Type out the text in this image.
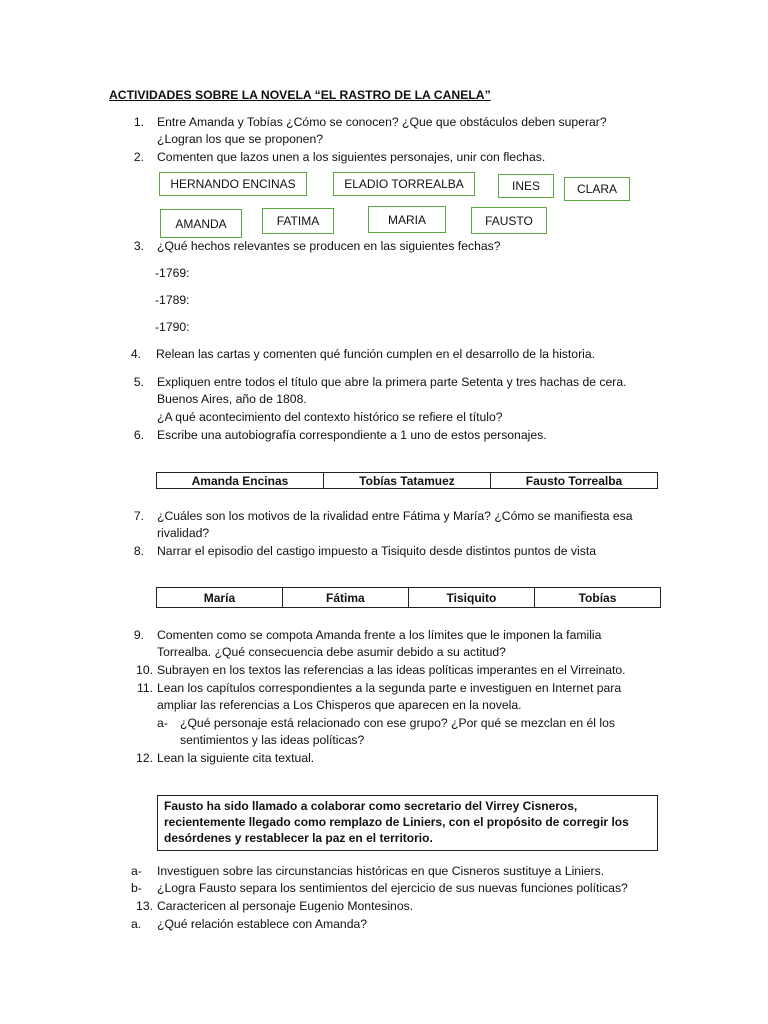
ACTIVIDADES SOBRE LA NOVELA “EL RASTRO DE LA CANELA”
1. Entre Amanda y Tobías ¿Cómo se conocen? ¿Que que obstáculos deben superar?
¿Logran los que se proponen?
2. Comenten que lazos unen a los siguientes personajes, unir con flechas.
HERNANDO ENCINAS	ELADIO TORREALBA	INES	CLARA
AMANDA	FATIMA	MARIA	FAUSTO
3. ¿Qué hechos relevantes se producen en las siguientes fechas?
-1769:
-1789:
-1790:
4. Relean las cartas y comenten qué función cumplen en el desarrollo de la historia.
5. Expliquen entre todos el título que abre la primera parte Setenta y tres hachas de cera.
Buenos Aires, año de 1808.
¿A qué acontecimiento del contexto histórico se refiere el título?
6. Escribe una autobiografía correspondiente a 1 uno de estos personajes.
Amanda Encinas	Tobías Tatamuez	Fausto Torrealba
7. ¿Cuáles son los motivos de la rivalidad entre Fátima y María? ¿Cómo se manifiesta esa
rivalidad?
8. Narrar el episodio del castigo impuesto a Tisiquito desde distintos puntos de vista
María	Fátima	Tisiquito	Tobías
9. Comenten como se compota Amanda frente a los límites que le imponen la familia
Torrealba. ¿Qué consecuencia debe asumir debido a su actitud?
10. Subrayen en los textos las referencias a las ideas políticas imperantes en el Virreinato.
11. Lean los capítulos correspondientes a la segunda parte e investiguen en Internet para
ampliar las referencias a Los Chisperos que aparecen en la novela.
a- ¿Qué personaje está relacionado con ese grupo? ¿Por qué se mezclan en él los
sentimientos y las ideas políticas?
12. Lean la siguiente cita textual.
Fausto ha sido llamado a colaborar como secretario del Virrey Cisneros,
recientemente llegado como remplazo de Liniers, con el propósito de corregir los
desórdenes y restablecer la paz en el territorio.
a- Investiguen sobre las circunstancias históricas en que Cisneros sustituye a Liniers.
b- ¿Logra Fausto separa los sentimientos del ejercicio de sus nuevas funciones políticas?
13. Caractericen al personaje Eugenio Montesinos.
a. ¿Qué relación establece con Amanda?
